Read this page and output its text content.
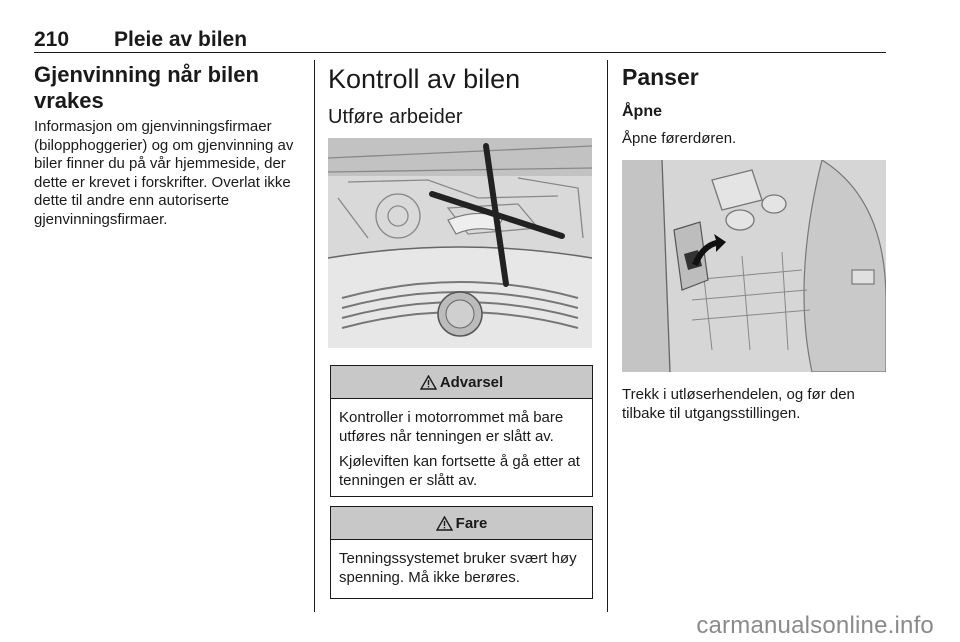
210 Pleie av bilen
Gjenvinning når bilen vrakes

Informasjon om gjenvinningsfirmaer (bilopphoggerier) og om gjenvinning av biler finner du på vår hjemmeside, der dette er krevet i forskrifter. Overlat ikke dette til andre enn autoriserte gjenvinningsfirmaer.

Kontroll av bilen
Utføre arbeider
Advarsel

Kontroller i motorrommet må bare utføres når tenningen er slått av.

Kjøleviften kan fortsette å gå etter at tenningen er slått av.

Fare

Tenningssystemet bruker svært høy spenning. Må ikke berøres.

Panser
Åpne

Åpne førerdøren.

Trekk i utløserhendelen, og før den tilbake til utgangsstillingen.

carmanualsonline.info
